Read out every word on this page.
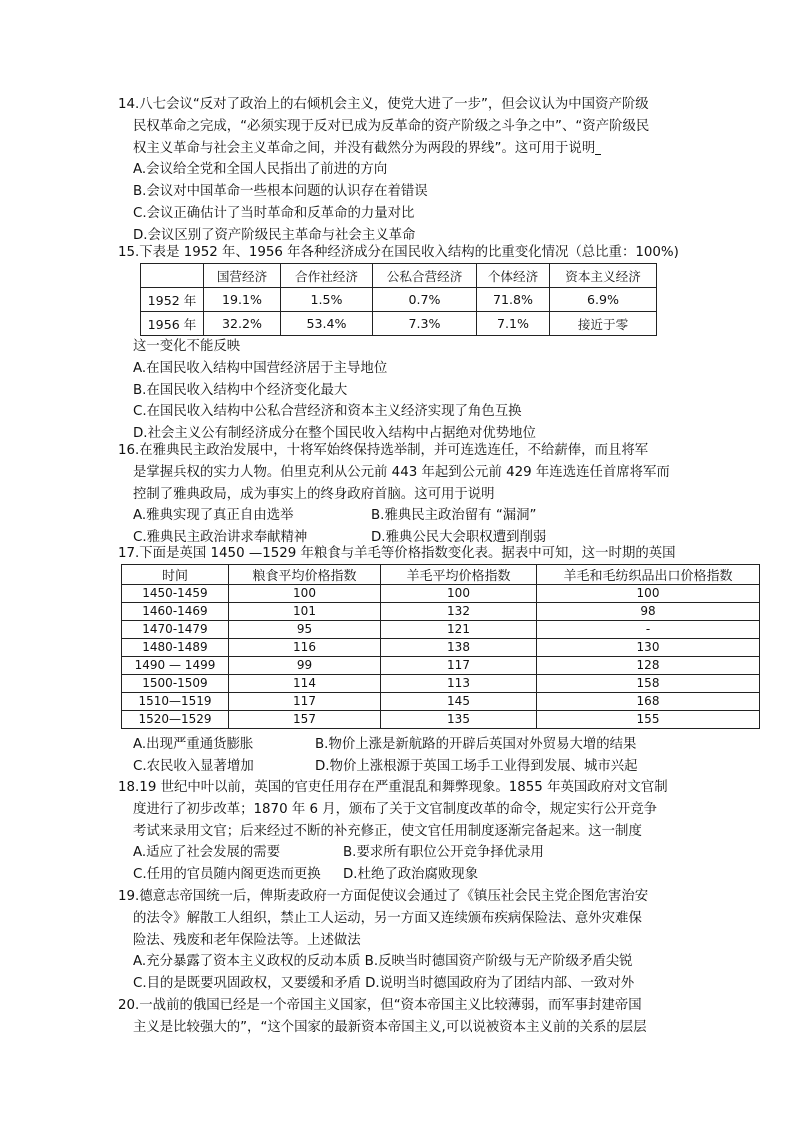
14.八七会议“反对了政治上的右倾机会主义，使党大进了一步”，但会议认为中国资产阶级
民权革命之完成，“必须实现于反对已成为反革命的资产阶级之斗争之中”、“资产阶级民
权主义革命与社会主义革命之间，并没有截然分为两段的界线”。这可用于说明
A.会议给全党和全国人民指出了前进的方向
B.会议对中国革命一些根本问题的认识存在着错误
C.会议正确估计了当时革命和反革命的力量对比
D.会议区别了资产阶级民主革命与社会主义革命
15.下表是 1952 年、1956 年各种经济成分在国民收入结构的比重变化情况（总比重：100%)
	国营经济	合作社经济	公私合营经济	个体经济	资本主义经济
1952 年	19.1%	1.5%	0.7%	71.8%	6.9%
1956 年	32.2%	53.4%	7.3%	7.1%	接近于零
这一变化不能反映
A.在国民收入结构中国营经济居于主导地位
B.在国民收入结构中个经济变化最大
C.在国民收入结构中公私合营经济和资本主义经济实现了角色互换
D.社会主义公有制经济成分在整个国民收入结构中占据绝对优势地位
16.在雅典民主政治发展中，十将军始终保持选举制，并可连选连任，不给薪俸，而且将军
是掌握兵权的实力人物。伯里克利从公元前 443 年起到公元前 429 年连选连任首席将军而
控制了雅典政局，成为事实上的终身政府首脑。这可用于说明
A.雅典实现了真正自由选举	B.雅典民主政治留有 “漏洞”
C.雅典民主政治讲求奉献精神	D.雅典公民大会职权遭到削弱
17.下面是英国 1450 —1529 年粮食与羊毛等价格指数变化表。据表中可知，这一时期的英国
时间	粮食平均价格指数	羊毛平均价格指数	羊毛和毛纺织品出口价格指数
1450-1459	100	100	100
1460-1469	101	132	98
1470-1479	95	121	-
1480-1489	116	138	130
1490 — 1499	99	117	128
1500-1509	114	113	158
1510—1519	117	145	168
1520—1529	157	135	155
A.出现严重通货膨胀	B.物价上涨是新航路的开辟后英国对外贸易大增的结果
C.农民收入显著增加	D.物价上涨根源于英国工场手工业得到发展、城市兴起
18.19 世纪中叶以前，英国的官吏任用存在严重混乱和舞弊现象。1855 年英国政府对文官制
度进行了初步改革；1870 年 6 月，颁布了关于文官制度改革的命令，规定实行公开竞争
考试来录用文官；后来经过不断的补充修正，使文官任用制度逐渐完备起来。这一制度
A.适应了社会发展的需要	B.要求所有职位公开竞争择优录用
C.任用的官员随内阁更迭而更换	D.杜绝了政治腐败现象
19.德意志帝国统一后，俾斯麦政府一方面促使议会通过了《镇压社会民主党企图危害治安
的法令》解散工人组织，禁止工人运动，另一方面又连续颁布疾病保险法、意外灾难保
险法、残废和老年保险法等。上述做法
A.充分暴露了资本主义政权的反动本质 B.反映当时德国资产阶级与无产阶级矛盾尖锐
C.目的是既要巩固政权，又要缓和矛盾 D.说明当时德国政府为了团结内部、一致对外
20.一战前的俄国已经是一个帝国主义国家，但“资本帝国主义比较薄弱，而军事封建帝国
主义是比较强大的”，“这个国家的最新资本帝国主义,可以说被资本主义前的关系的层层
